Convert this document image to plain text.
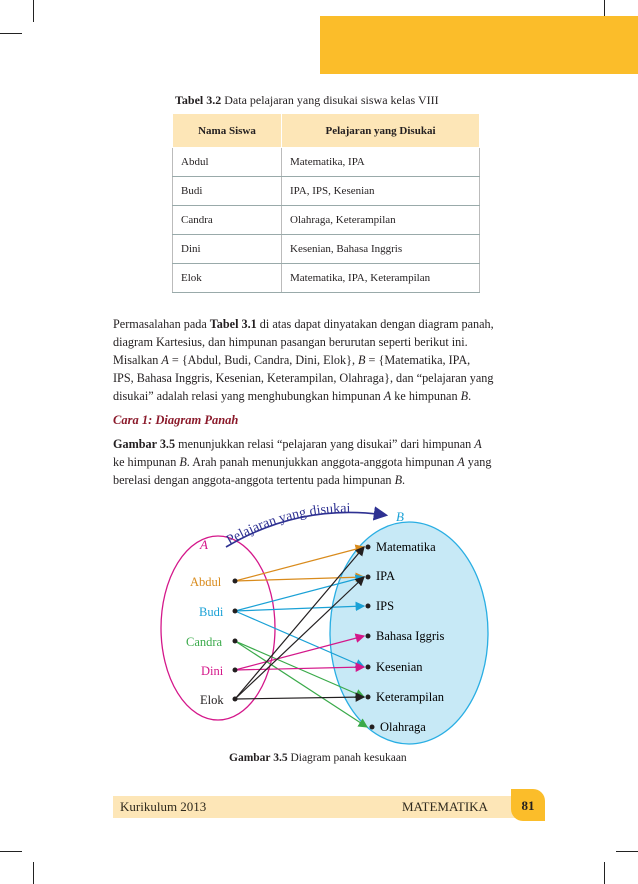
Tabel 3.2 Data pelajaran yang disukai siswa kelas VIII
Nama Siswa	Pelajaran yang Disukai
Abdul	Matematika, IPA
Budi	IPA, IPS, Kesenian
Candra	Olahraga, Keterampilan
Dini	Kesenian, Bahasa Inggris
Elok	Matematika, IPA, Keterampilan
Permasalahan pada Tabel 3.1 di atas dapat dinyatakan dengan diagram panah,
diagram Kartesius, dan himpunan pasangan berurutan seperti berikut ini.
Misalkan A = {Abdul, Budi, Candra, Dini, Elok}, B = {Matematika, IPA,
IPS, Bahasa Inggris, Kesenian, Keterampilan, Olahraga}, dan “pelajaran yang
disukai” adalah relasi yang menghubungkan himpunan A ke himpunan B.
Cara 1: Diagram Panah
Gambar 3.5 menunjukkan relasi “pelajaran yang disukai” dari himpunan A
ke himpunan B. Arah panah menunjukkan anggota-anggota himpunan A yang
berelasi dengan anggota-anggota tertentu pada himpunan B.
Pelajaran yang disukai
A
B
Abdul
Budi
Candra
Dini
Elok
Matematika
IPA
IPS
Bahasa Iggris
Kesenian
Keterampilan
Olahraga
Gambar 3.5 Diagram panah kesukaan
Kurikulum 2013	MATEMATIKA	81
